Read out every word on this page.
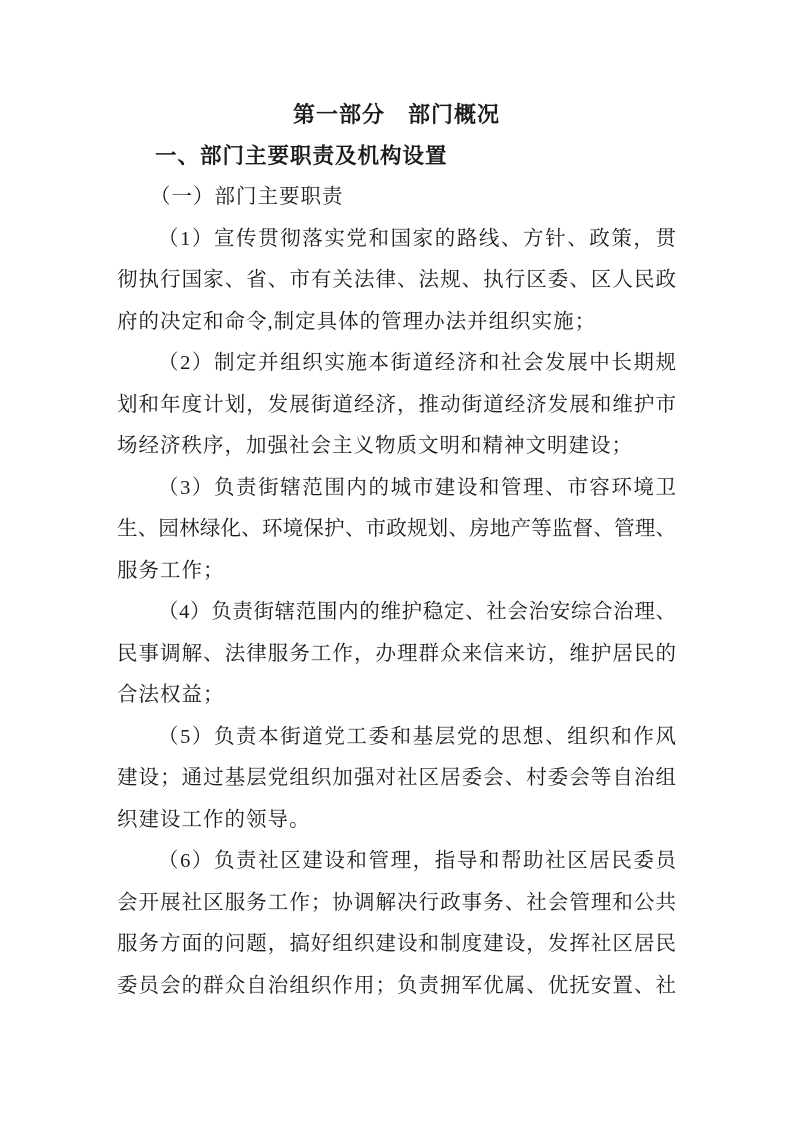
第一部分　部门概况
一、部门主要职责及机构设置
（一）部门主要职责
（1）宣传贯彻落实党和国家的路线、方针、政策，贯
彻执行国家、省、市有关法律、法规、执行区委、区人民政
府的决定和命令,制定具体的管理办法并组织实施；
（2）制定并组织实施本街道经济和社会发展中长期规
划和年度计划，发展街道经济，推动街道经济发展和维护市
场经济秩序，加强社会主义物质文明和精神文明建设；
（3）负责街辖范围内的城市建设和管理、市容环境卫
生、园林绿化、环境保护、市政规划、房地产等监督、管理、
服务工作；
（4）负责街辖范围内的维护稳定、社会治安综合治理、
民事调解、法律服务工作，办理群众来信来访，维护居民的
合法权益；
（5）负责本街道党工委和基层党的思想、组织和作风
建设；通过基层党组织加强对社区居委会、村委会等自治组
织建设工作的领导。
（6）负责社区建设和管理，指导和帮助社区居民委员
会开展社区服务工作；协调解决行政事务、社会管理和公共
服务方面的问题，搞好组织建设和制度建设，发挥社区居民
委员会的群众自治组织作用；负责拥军优属、优抚安置、社
